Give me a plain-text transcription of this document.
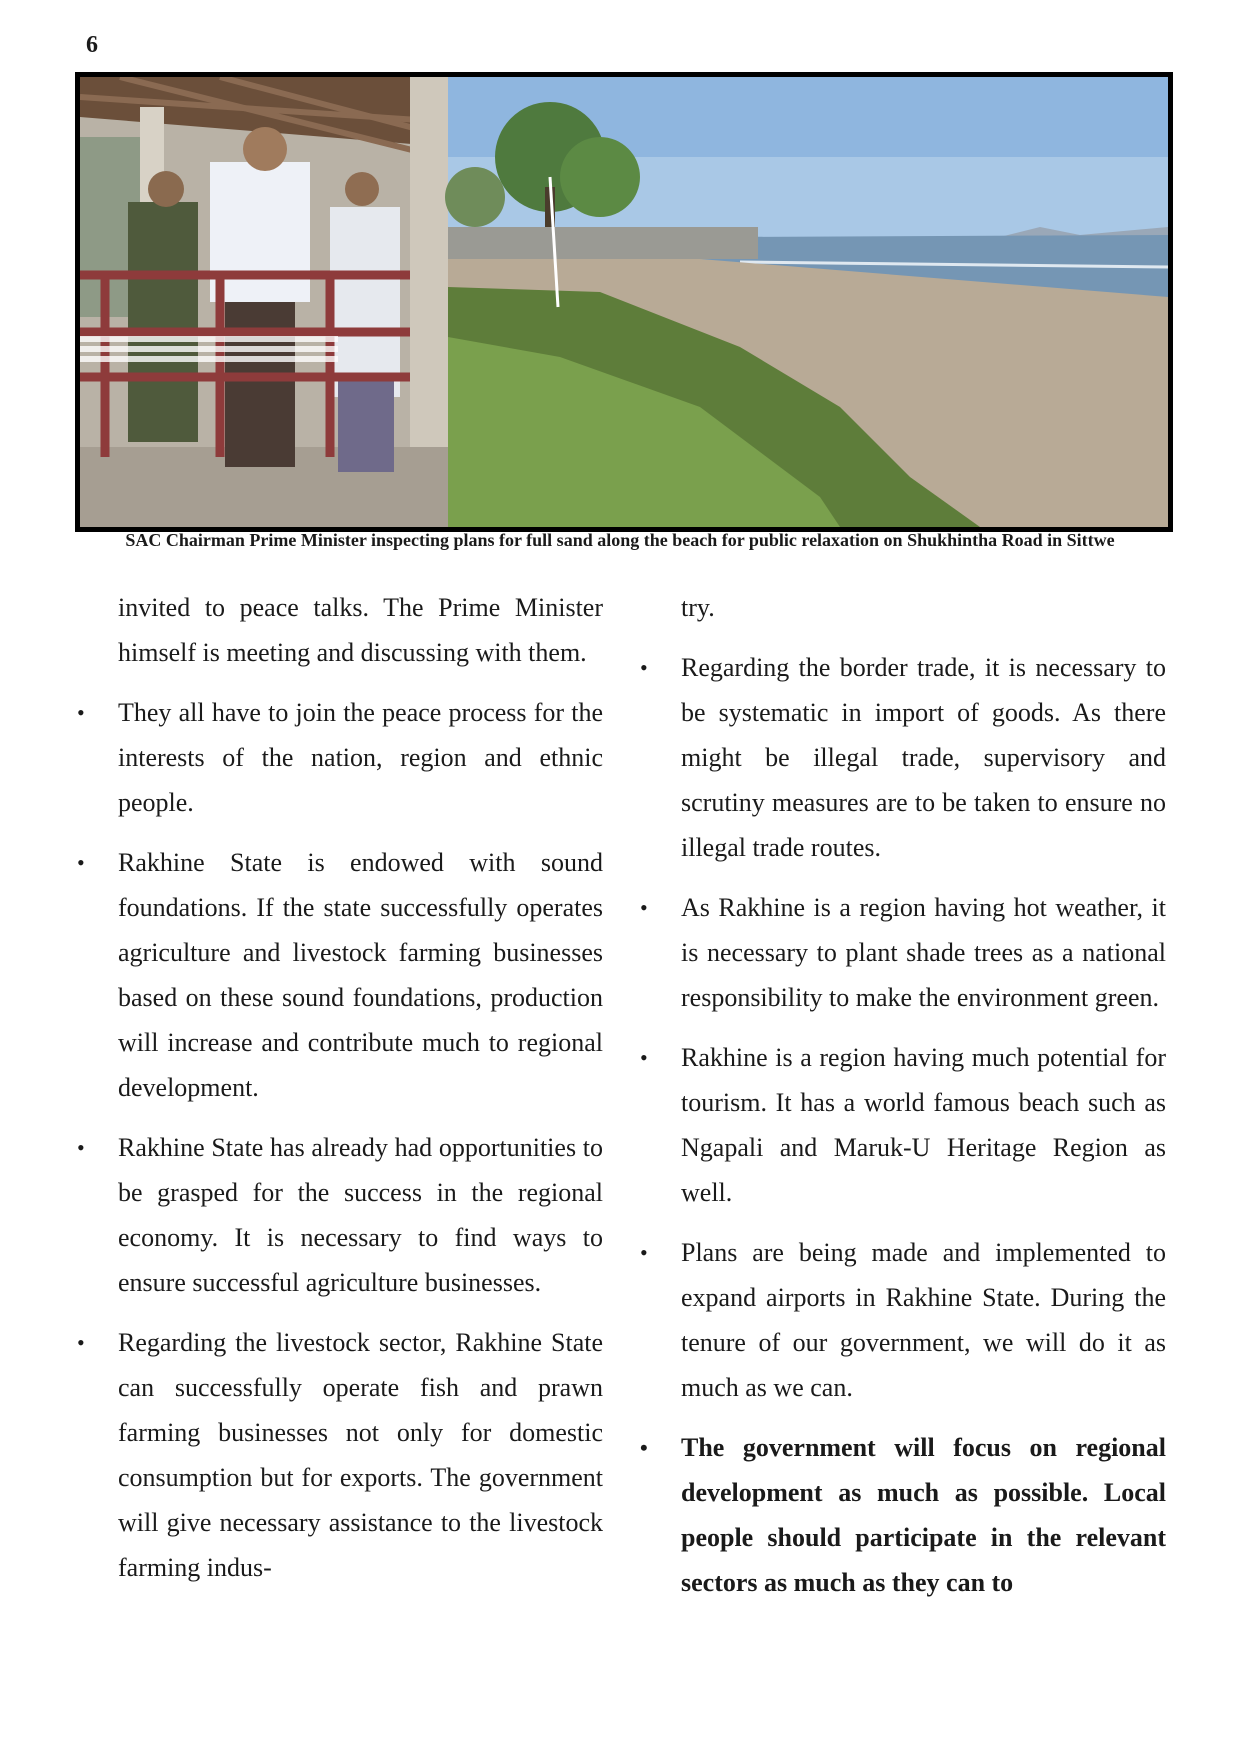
6
SAC Chairman Prime Minister inspecting plans for full sand along the beach for public relaxation on Shukhintha Road in Sittwe

invited to peace talks. The Prime Minister himself is meeting and discussing with them.

• They all have to join the peace process for the interests of the nation, region and ethnic people.

• Rakhine State is endowed with sound foundations. If the state successfully operates agriculture and livestock farming businesses based on these sound foundations, production will increase and contribute much to regional development.

• Rakhine State has already had opportunities to be grasped for the success in the regional economy. It is necessary to find ways to ensure successful agriculture businesses.

• Regarding the livestock sector, Rakhine State can successfully operate fish and prawn farming businesses not only for domestic consumption but for exports. The government will give necessary assistance to the livestock farming indus-

try.

• Regarding the border trade, it is necessary to be systematic in import of goods. As there might be illegal trade, supervisory and scrutiny measures are to be taken to ensure no illegal trade routes.

• As Rakhine is a region having hot weather, it is necessary to plant shade trees as a national responsibility to make the environment green.

• Rakhine is a region having much potential for tourism. It has a world famous beach such as Ngapali and Maruk-U Heritage Region as well.

• Plans are being made and implemented to expand airports in Rakhine State. During the tenure of our government, we will do it as much as we can.

• The government will focus on regional development as much as possible. Local people should participate in the relevant sectors as much as they can to
